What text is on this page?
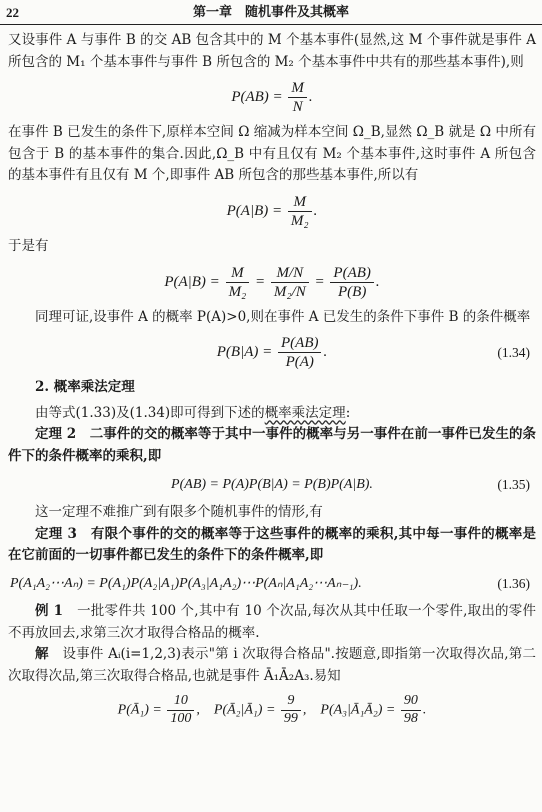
22	第一章　随机事件及其概率

又设事件 A 与事件 B 的交 AB 包含其中的 M 个基本事件(显然,这 M 个事件就是事件 A 所包含的 M₁ 个基本事件与事件 B 所包含的 M₂ 个基本事件中共有的那些基本事件),则

$P(AB) = \frac{M}{N}$ .

在事件 B 已发生的条件下,原样本空间 Ω 缩减为样本空间 Ω_B,显然 Ω_B 就是 Ω 中所有包含于 B 的基本事件的集合.因此,Ω_B 中有且仅有 M₂ 个基本事件,这时事件 A 所包含的基本事件有且仅有 M 个,即事件 AB 所包含的那些基本事件,所以有

$P(A|B) = \frac{M}{\text{M₂}}$ .

于是有

$P(A|B) = \frac{M}{\text{M₂}} = \frac{M/N}{\text{M₂/N}} = \frac{P(AB)}{P(B)}$ .

同理可证,设事件 A 的概率 P(A)>0,则在事件 A 已发生的条件下事件 B 的条件概率

$P(B|A) = \frac{P(AB)}{P(A)}$ .	(1.34)
2. 概率乘法定理

由等式(1.33)及(1.34)即可得到下述的概率乘法定理:

定理 2　 二事件的交的概率等于其中一事件的概率与另一事件在前一事件已发生的条件下的条件概率的乘积,即

P(AB) = P(A)P(B|A) = P(B)P(A|B).	(1.35)

这一定理不难推广到有限多个随机事件的情形,有

定理 3　 有限个事件的交的概率等于这些事件的概率的乘积,其中每一事件的概率是在它前面的一切事件都已发生的条件下的条件概率,即

P(A₁A₂⋯Aₙ) = P(A₁)P(A₂|A₁)P(A₃|A₁A₂)⋯P(Aₙ|A₁A₂⋯Aₙ₋₁).	(1.36)

例 1　 一批零件共 100 个,其中有 10 个次品,每次从其中任取一个零件,取出的零件不再放回去,求第三次才取得合格品的概率.

解　 设事件 Aᵢ(i=1,2,3)表示"第 i 次取得合格品".按题意,即指第一次取得次品,第二次取得次品,第三次取得合格品,也就是事件 Ā₁Ā₂A₃.易知

P(Ā₁) = $\frac{10}{100}$ , P(Ā₂|Ā₁) = $\frac{9}{99}$ , P(A₃|Ā₁Ā₂) = $\frac{90}{98}$ .
